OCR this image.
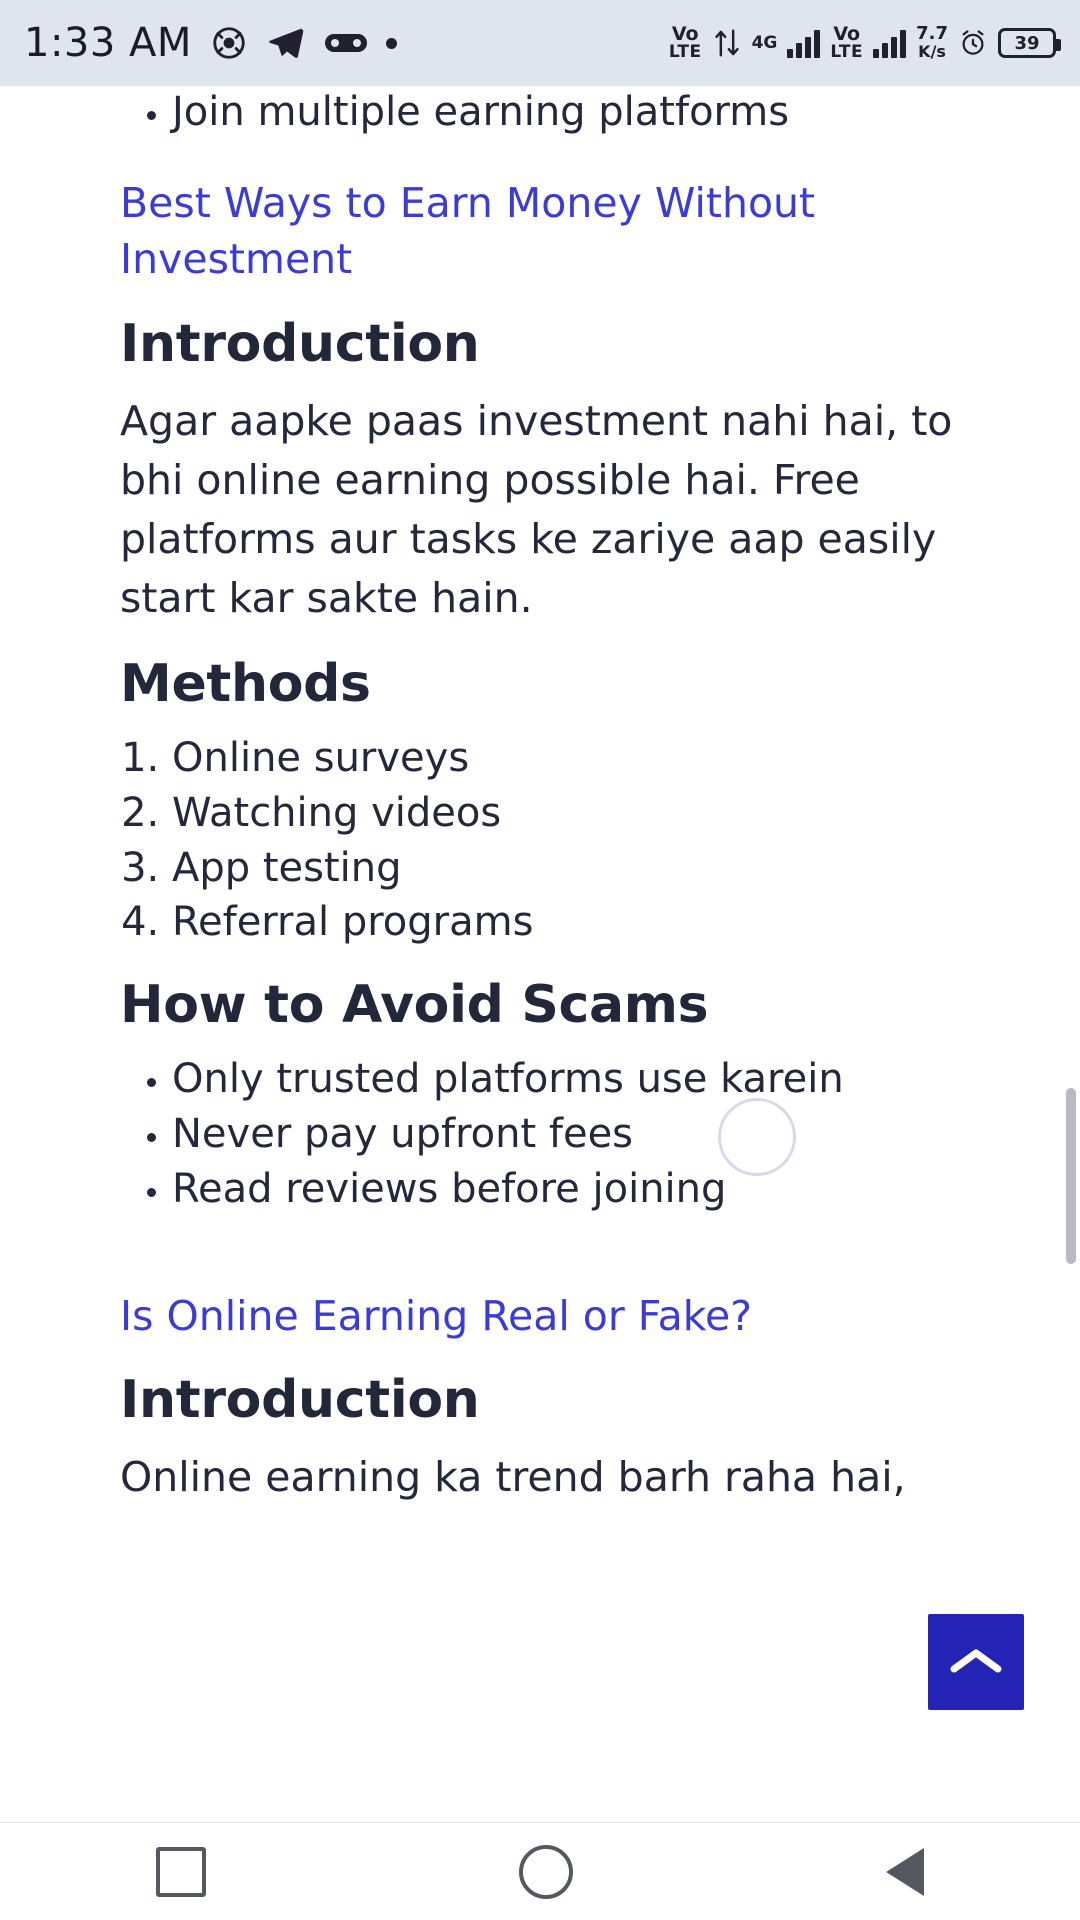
1:33 AM	Vo
LTE	4G	Vo
LTE
7.7
K/s	39
• Join multiple earning platforms
Best Ways to Earn Money Without Investment
Introduction

Agar aapke paas investment nahi hai, to bhi online earning possible hai. Free platforms aur tasks ke zariye aap easily start kar sakte hain.

Methods
1. Online surveys
2. Watching videos
3. App testing
4. Referral programs
How to Avoid Scams
• Only trusted platforms use karein
• Never pay upfront fees
• Read reviews before joining
Is Online Earning Real or Fake?
Introduction

Online earning ka trend barh raha hai,
